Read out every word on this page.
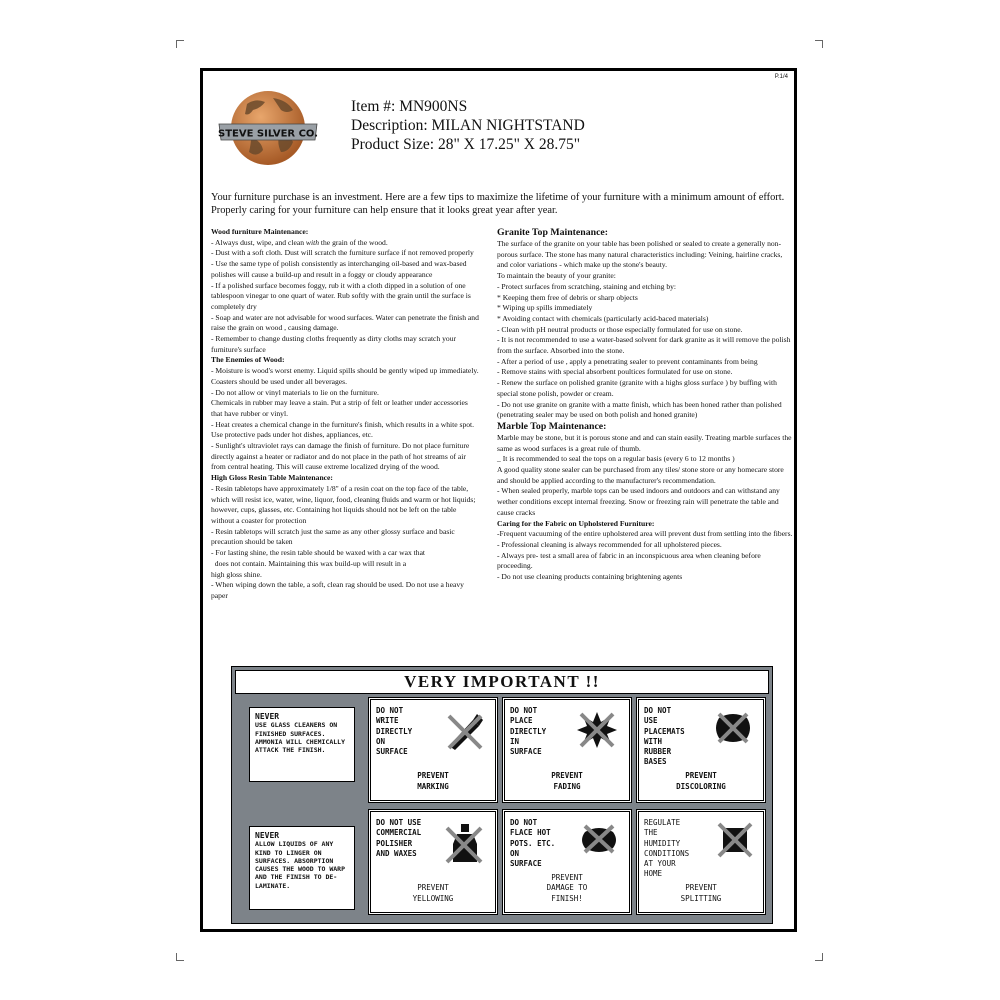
P.1/4
STEVE SILVER CO.
Item #: MN900NS
Description: MILAN NIGHTSTAND
Product Size: 28" X 17.25" X 28.75"
Your furniture purchase is an investment. Here are a few tips to maximize the lifetime of your furniture with a minimum amount of effort. Properly caring for your furniture can help ensure that it looks great year after year.

Wood furniture Maintenance:

- Always dust, wipe, and clean with the grain of the wood.

- Dust with a soft cloth. Dust will scratch the furniture surface if not removed properly

- Use the same type of polish consistently as interchanging oil-based and wax-based polishes will cause a build-up and result in a foggy or cloudy appearance

- If a polished surface becomes foggy, rub it with a cloth dipped in a solution of one tablespoon vinegar to one quart of water. Rub softly with the grain until the surface is completely dry

- Soap and water are not advisable for wood surfaces. Water can penetrate the finish and raise the grain on wood , causing damage.

- Remember to change dusting cloths frequently as dirty cloths may scratch your furniture's surface

The Enemies of Wood:

- Moisture is wood's worst enemy. Liquid spills should be gently wiped up immediately. Coasters should be used under all beverages.

- Do not allow or vinyl materials to lie on the furniture.

Chemicals in rubber may leave a stain. Put a strip of felt or leather under accessories that have rubber or vinyl.

- Heat creates a chemical change in the furniture's finish, which results in a white spot. Use protective pads under hot dishes, appliances, etc.

- Sunlight's ultraviolet rays can damage the finish of furniture. Do not place furniture directly against a heater or radiator and do not place in the path of hot streams of air from central heating. This will cause extreme localized drying of the wood.

High Gloss Resin Table Maintenance:

- Resin tabletops have approximately 1/8" of a resin coat on the top face of the table, which will resist ice, water, wine, liquor, food, cleaning fluids and warm or hot liquids; however, cups, glasses, etc. Containing hot liquids should not be left on the table without a coaster for protection

- Resin tabletops will scratch just the same as any other glossy surface and basic precaution should be taken

- For lasting shine, the resin table should be waxed with a car wax that

does not contain. Maintaining this wax build-up will result in a

high gloss shine.

- When wiping down the table, a soft, clean rag should be used. Do not use a heavy paper

Granite Top Maintenance:

The surface of the granite on your table has been polished or sealed to create a generally non-porous surface. The stone has many natural characteristics including: Veining, hairline cracks, and color variations - which make up the stone's beauty.

To maintain the beauty of your granite:

- Protect surfaces from scratching, staining and etching by:

* Keeping them free of debris or sharp objects

* Wiping up spills immediately

* Avoiding contact with chemicals (particularly acid-baced materials)

- Clean with pH neutral products or those especially formulated for use on stone.

- It is not recommended to use a water-based solvent for dark granite as it will remove the polish from the surface. Absorbed into the stone.

- After a period of use , apply a penetrating sealer to prevent contaminants from being

- Remove stains with special absorbent poultices formulated for use on stone.

- Renew the surface on polished granite (granite with a highs gloss surface ) by buffing with special stone polish, powder or cream.

- Do not use granite on granite with a matte finish, which has been honed rather than polished (penetrating sealer may be used on both polish and honed granite)

Marble Top Maintenance:

Marble may be stone, but it is porous stone and and can stain easily. Treating marble surfaces the same as wood surfaces is a great rule of thumb.

_ It is recommended to seal the tops on a regular basis (every 6 to 12 months )

A good quality stone sealer can be purchased from any tiles/ stone store or any homecare store and should be applied according to the manufacturer's recommendation.

- When sealed properly, marble tops can be used indoors and outdoors and can withstand any wether conditions except internal freezing. Snow or freezing rain will penetrate the table and cause cracks

Caring for the Fabric on Upholstered Furniture:

-Frequent vacuuming of the entire upholstered area will prevent dust from settling into the fibers.

- Professional cleaning is always recommended for all upholstered pieces.

- Always pre- test a small area of fabric in an inconspicuous area when cleaning before proceeding.

- Do not use cleaning products containing brightening agents

VERY IMPORTANT !!
NEVER
USE GLASS CLEANERS ON FINISHED SURFACES. AMMONIA WILL CHEMICALLY ATTACK THE FINISH.
NEVER
ALLOW LIQUIDS OF ANY KIND TO LINGER ON SURFACES. ABSORPTION CAUSES THE WOOD TO WARP AND THE FINISH TO DE-LAMINATE.
DO NOT
WRITE
DIRECTLY
ON
SURFACE
PREVENT
MARKING
DO NOT
PLACE
DIRECTLY
IN
SURFACE
PREVENT
FADING
DO NOT
USE
PLACEMATS
WITH
RUBBER
BASES
PREVENT
DISCOLORING
DO NOT USE
COMMERCIAL
POLISHER
AND WAXES
PREVENT
YELLOWING
DO NOT
FLACE HOT
POTS. ETC.
ON
SURFACE
PREVENT
DAMAGE TO
FINISH!
REGULATE
THE
HUMIDITY
CONDITIONS
AT YOUR
HOME
PREVENT
SPLITTING
